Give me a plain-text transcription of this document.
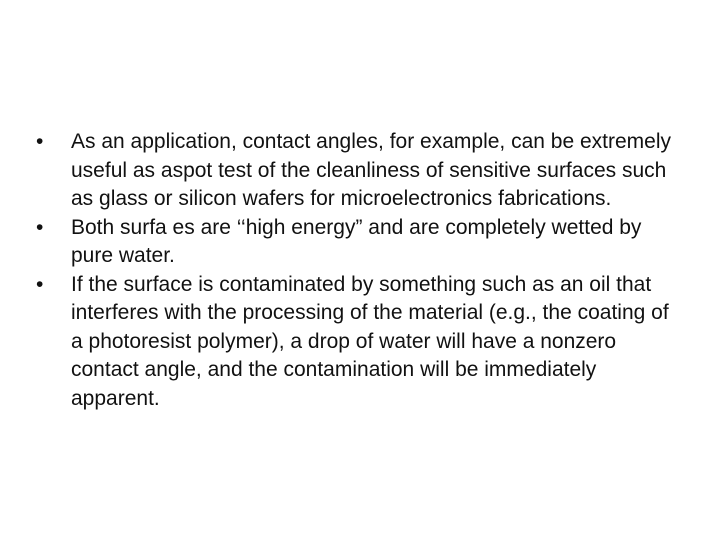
•	As an application, contact angles, for example, can be extremely useful as aspot test of the cleanliness of sensitive surfaces such as glass or silicon wafers for microelectronics fabrications.
•	Both surfa es are ‘‘high energy” and are completely wetted by pure water.
•	If the surface is contaminated by something such as an oil that interferes with the processing of the material (e.g., the coating of a photoresist polymer), a drop of water will have a nonzero contact angle, and the contamination will be immediately apparent.
